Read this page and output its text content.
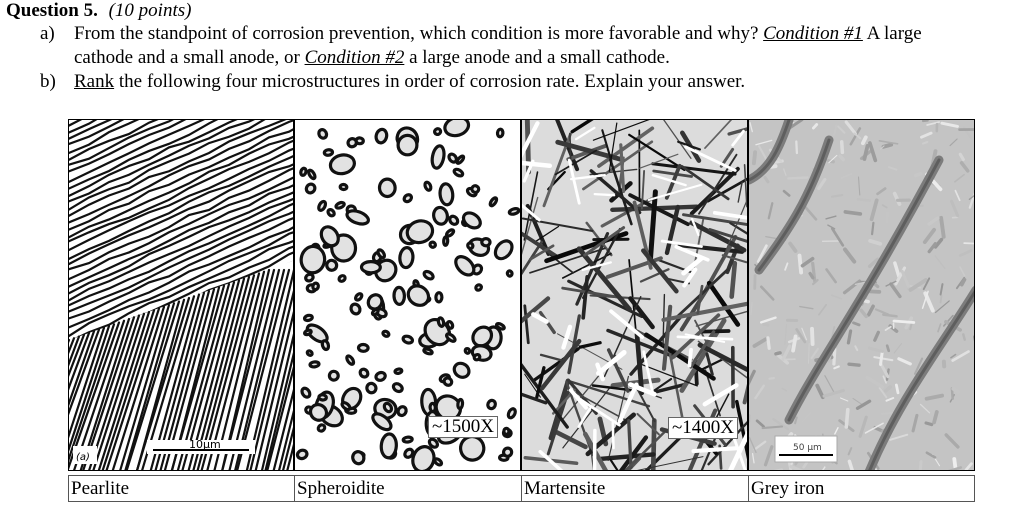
Question 5. (10 points)
a) From the standpoint of corrosion prevention, which condition is more favorable and why? Condition #1 A large
cathode and a small anode, or Condition #2 a large anode and a small cathode.
b) Rank the following four microstructures in order of corrosion rate. Explain your answer.
10μm
(a)
~1500X	~1400X
50 μm
Pearlite	Spheroidite	Martensite	Grey iron
